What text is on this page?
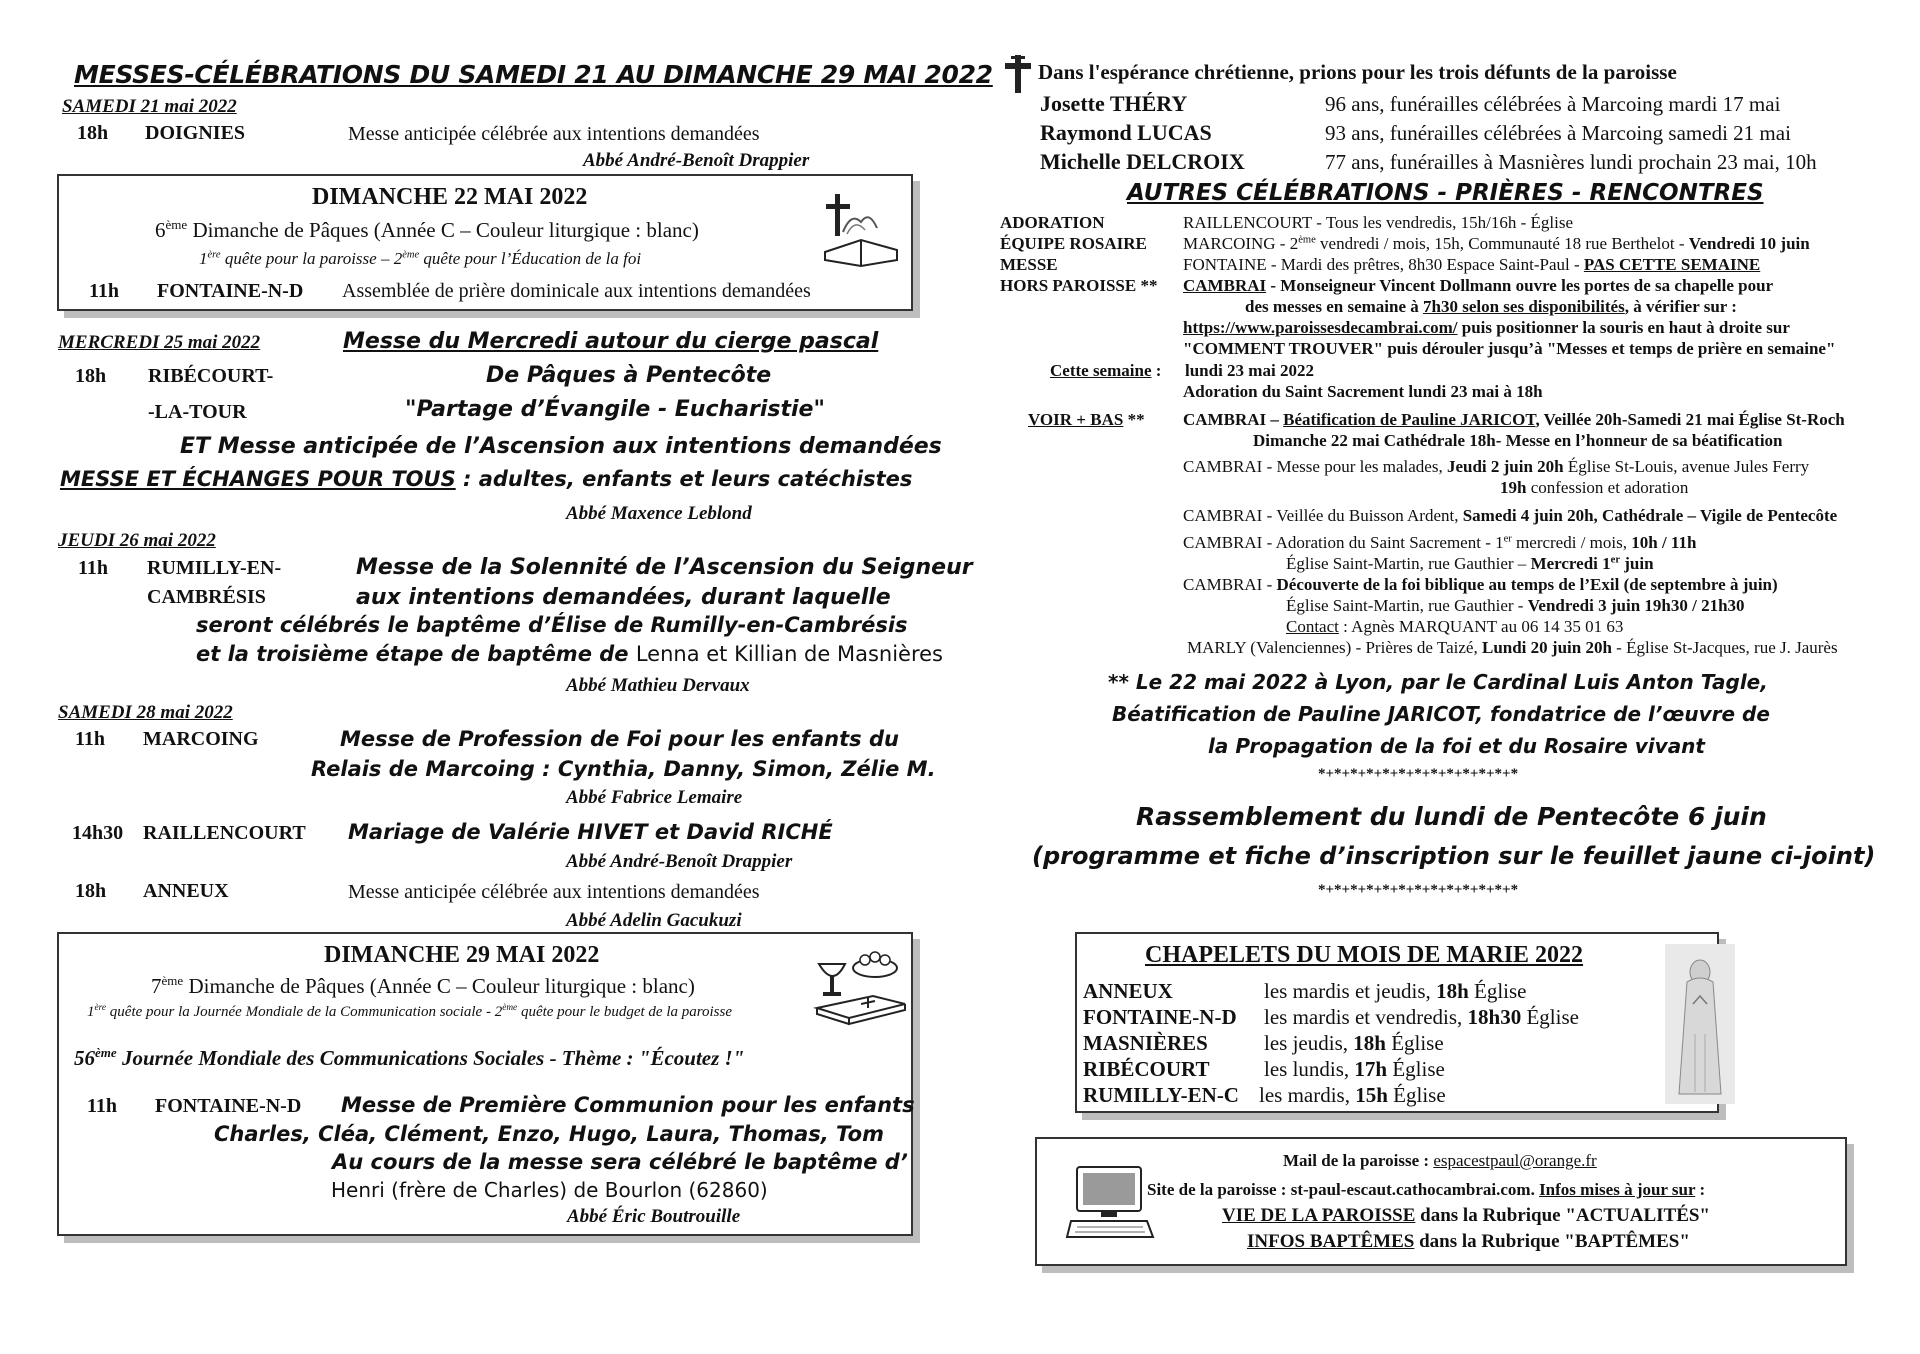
MESSES-CÉLÉBRATIONS DU SAMEDI 21 AU DIMANCHE 29 MAI 2022
SAMEDI 21 mai 2022
18h DOIGNIES	Messe anticipée célébrée aux intentions demandées
Abbé André-Benoît Drappier
DIMANCHE 22 MAI 2022
6ème Dimanche de Pâques (Année C – Couleur liturgique : blanc)
1ère quête pour la paroisse – 2ème quête pour l’Éducation de la foi
11h FONTAINE-N-D Assemblée de prière dominicale aux intentions demandées
MERCREDI 25 mai 2022	Messe du Mercredi autour du cierge pascal
18h RIBÉCOURT-
-LA-TOUR
De Pâques à Pentecôte
"Partage d’Évangile - Eucharistie"
ET Messe anticipée de l’Ascension aux intentions demandées
MESSE ET ÉCHANGES POUR TOUS : adultes, enfants et leurs catéchistes
Abbé Maxence Leblond
JEUDI 26 mai 2022
11h RUMILLY-EN-
CAMBRÉSIS
Messe de la Solennité de l’Ascension du Seigneur
aux intentions demandées, durant laquelle
seront célébrés le baptême d’Élise de Rumilly-en-Cambrésis
et la troisième étape de baptême de Lenna et Killian de Masnières
Abbé Mathieu Dervaux
SAMEDI 28 mai 2022
11h MARCOING	Messe de Profession de Foi pour les enfants du
Relais de Marcoing : Cynthia, Danny, Simon, Zélie M.
Abbé Fabrice Lemaire
14h30 RAILLENCOURT Mariage de Valérie HIVET et David RICHÉ
Abbé André-Benoît Drappier
18h ANNEUX	Messe anticipée célébrée aux intentions demandées
Abbé Adelin Gacukuzi
DIMANCHE 29 MAI 2022
7ème Dimanche de Pâques (Année C – Couleur liturgique : blanc)
1ère quête pour la Journée Mondiale de la Communication sociale - 2ème quête pour le budget de la paroisse
56ème Journée Mondiale des Communications Sociales - Thème : "Écoutez !"
11h FONTAINE-N-D Messe de Première Communion pour les enfants
Charles, Cléa, Clément, Enzo, Hugo, Laura, Thomas, Tom
Au cours de la messe sera célébré le baptême d’
Henri (frère de Charles) de Bourlon (62860)
Abbé Éric Boutrouille
Dans l'espérance chrétienne, prions pour les trois défunts de la paroisse
Josette THÉRY	96 ans, funérailles célébrées à Marcoing mardi 17 mai
Raymond LUCAS	93 ans, funérailles célébrées à Marcoing samedi 21 mai
Michelle DELCROIX	77 ans, funérailles à Masnières lundi prochain 23 mai, 10h
AUTRES CÉLÉBRATIONS - PRIÈRES - RENCONTRES
ADORATION	RAILLENCOURT - Tous les vendredis, 15h/16h - Église
ÉQUIPE ROSAIRE MARCOING - 2ème vendredi / mois, 15h, Communauté 18 rue Berthelot - Vendredi 10 juin
MESSE	FONTAINE - Mardi des prêtres, 8h30 Espace Saint-Paul - PAS CETTE SEMAINE
HORS PAROISSE ** CAMBRAI - Monseigneur Vincent Dollmann ouvre les portes de sa chapelle pour
des messes en semaine à 7h30 selon ses disponibilités, à vérifier sur :
https://www.paroissesdecambrai.com/ puis positionner la souris en haut à droite sur
"COMMENT TROUVER" puis dérouler jusqu’à "Messes et temps de prière en semaine"
Cette semaine : lundi 23 mai 2022
Adoration du Saint Sacrement lundi 23 mai à 18h
VOIR + BAS ** CAMBRAI – Béatification de Pauline JARICOT, Veillée 20h-Samedi 21 mai Église St-Roch
Dimanche 22 mai Cathédrale 18h- Messe en l’honneur de sa béatification
CAMBRAI - Messe pour les malades, Jeudi 2 juin 20h Église St-Louis, avenue Jules Ferry
19h confession et adoration
CAMBRAI - Veillée du Buisson Ardent, Samedi 4 juin 20h, Cathédrale – Vigile de Pentecôte
CAMBRAI - Adoration du Saint Sacrement - 1er mercredi / mois, 10h / 11h
Église Saint-Martin, rue Gauthier – Mercredi 1er juin
CAMBRAI - Découverte de la foi biblique au temps de l’Exil (de septembre à juin)
Église Saint-Martin, rue Gauthier - Vendredi 3 juin 19h30 / 21h30
Contact : Agnès MARQUANT au 06 14 35 01 63
MARLY (Valenciennes) - Prières de Taizé, Lundi 20 juin 20h - Église St-Jacques, rue J. Jaurès
** Le 22 mai 2022 à Lyon, par le Cardinal Luis Anton Tagle,
Béatification de Pauline JARICOT, fondatrice de l’œuvre de
la Propagation de la foi et du Rosaire vivant
*+*+*+*+*+*+*+*+*+*+*+*+*
Rassemblement du lundi de Pentecôte 6 juin
(programme et fiche d’inscription sur le feuillet jaune ci-joint)
*+*+*+*+*+*+*+*+*+*+*+*+*
CHAPELETS DU MOIS DE MARIE 2022
ANNEUX	les mardis et jeudis, 18h Église
FONTAINE-N-D les mardis et vendredis, 18h30 Église
MASNIÈRES	les jeudis, 18h Église
RIBÉCOURT	les lundis, 17h Église
RUMILLY-EN-C les mardis, 15h Église
Mail de la paroisse : espacestpaul@orange.fr
Site de la paroisse : st-paul-escaut.cathocambrai.com. Infos mises à jour sur :
VIE DE LA PAROISSE dans la Rubrique "ACTUALITÉS"
INFOS BAPTÊMES dans la Rubrique "BAPTÊMES"
